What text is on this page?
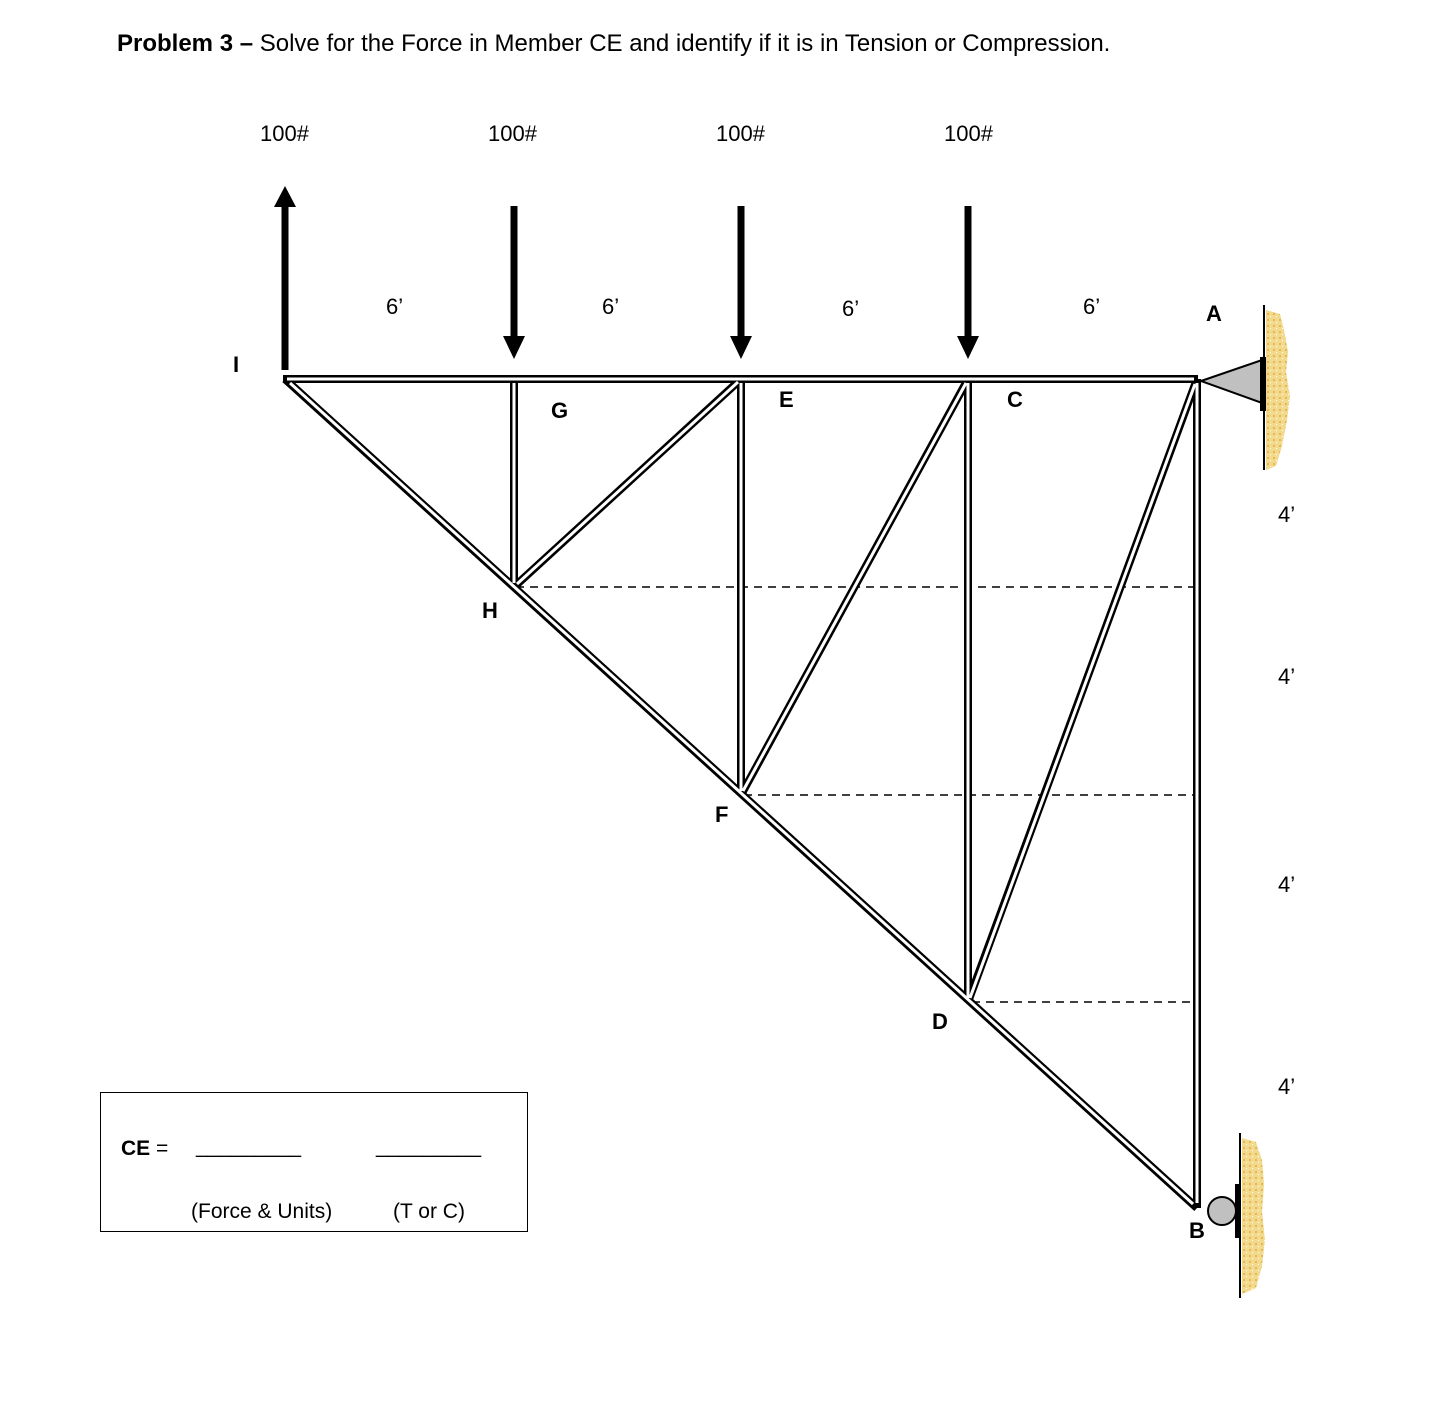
Problem 3 – Solve for the Force in Member CE and identify if it is in Tension or Compression.
100#	100#	100#	100#
6’	6’	6’	6’
4’
4’
4’
4’
A
B
C
D
E
F
G
H
I
CE = _________	_________
(Force & Units)	(T or C)
